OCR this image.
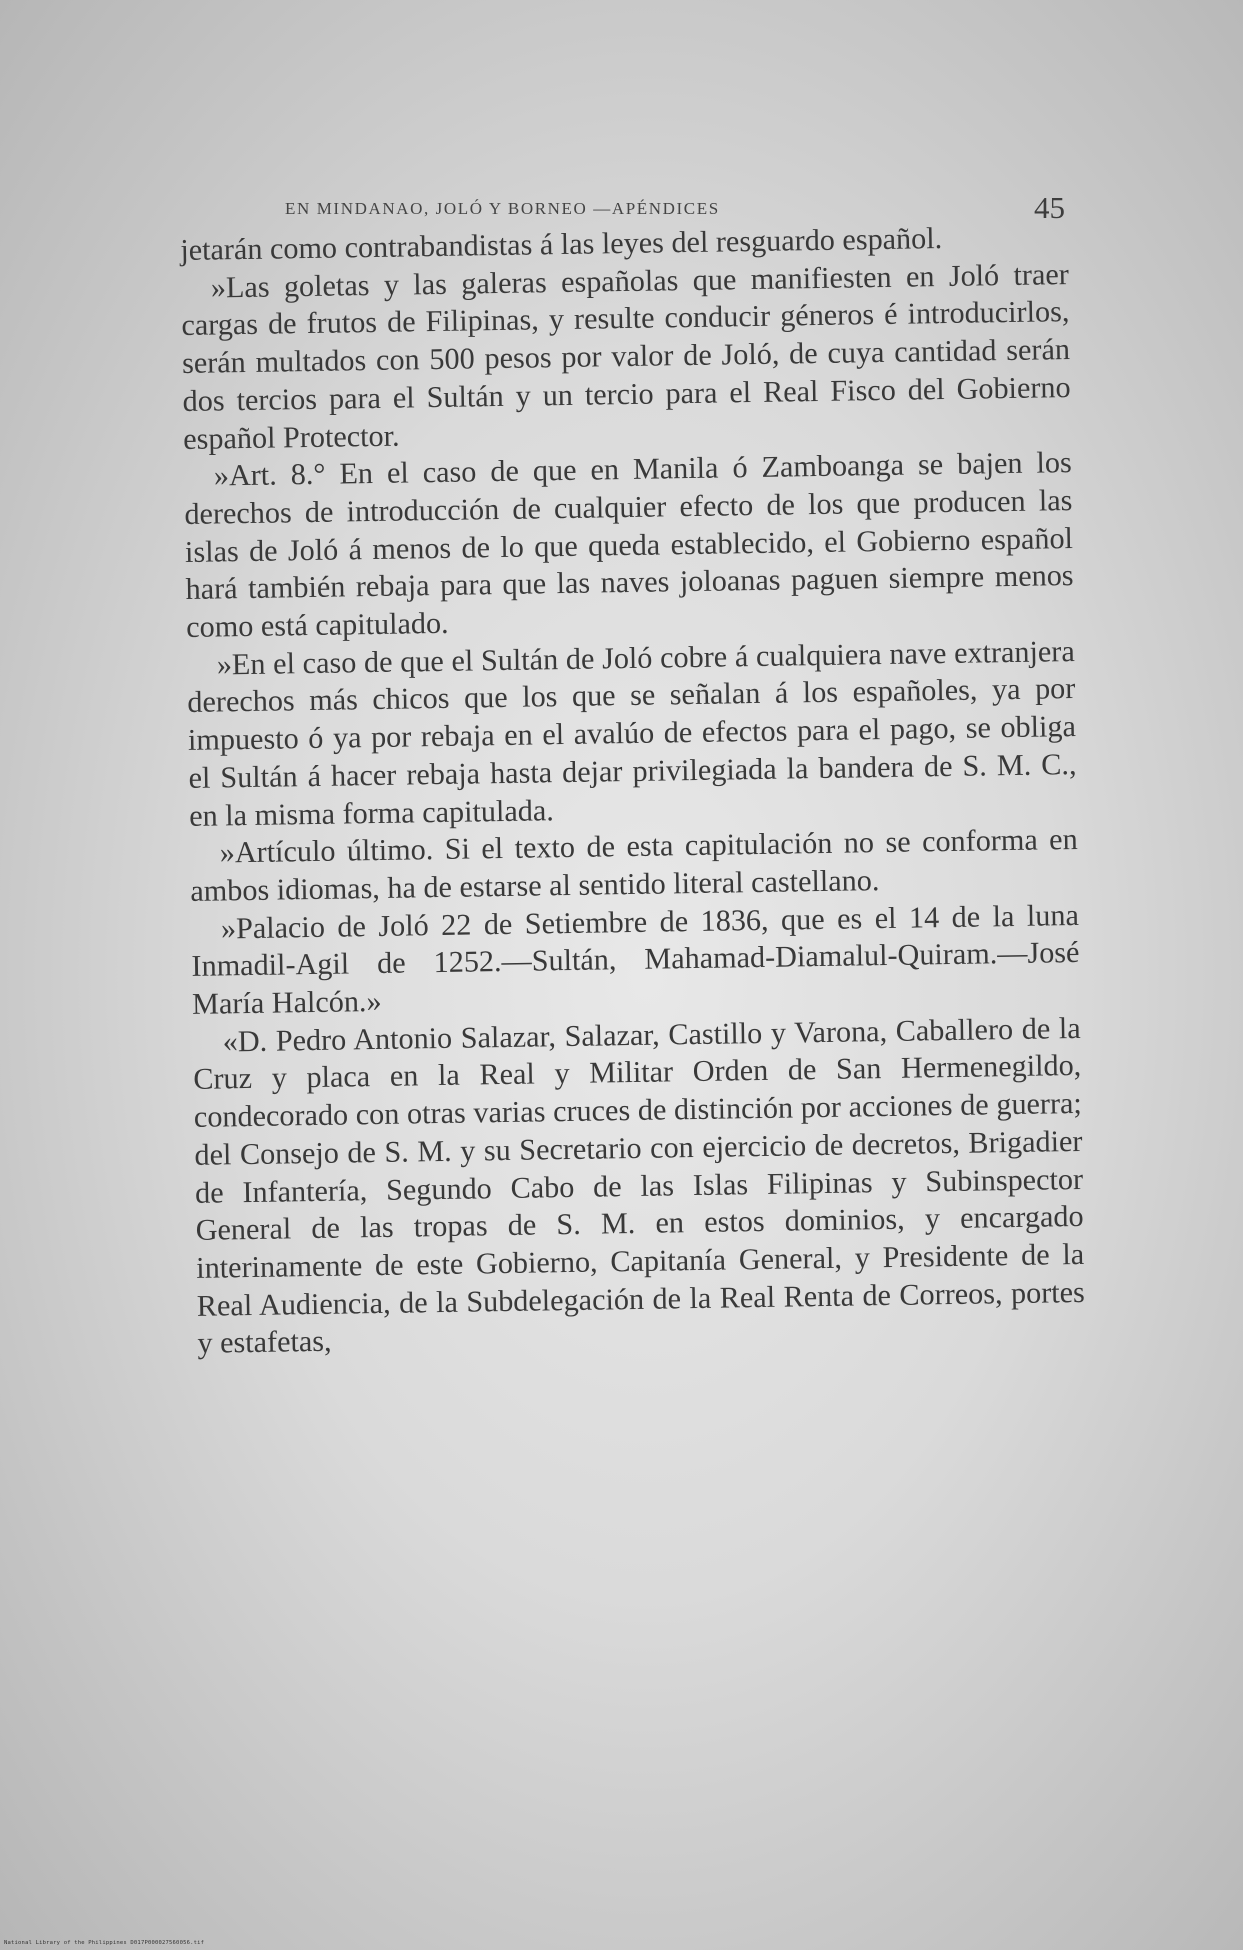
EN MINDANAO, JOLÓ Y BORNEO —APÉNDICES	45

jetarán como contrabandistas á las leyes del resguardo español.

»Las goletas y las galeras españolas que manifiesten en Joló traer cargas de frutos de Filipinas, y resulte conducir géneros é introducirlos, serán multados con 500 pesos por valor de Joló, de cuya cantidad serán dos tercios para el Sultán y un tercio para el Real Fisco del Gobierno español Protector.

»Art. 8.° En el caso de que en Manila ó Zamboanga se bajen los derechos de introducción de cualquier efecto de los que producen las islas de Joló á menos de lo que queda establecido, el Gobierno español hará también rebaja para que las naves joloanas paguen siempre menos como está capitulado.

»En el caso de que el Sultán de Joló cobre á cualquiera nave extranjera derechos más chicos que los que se señalan á los españoles, ya por impuesto ó ya por rebaja en el avalúo de efectos para el pago, se obliga el Sultán á hacer rebaja hasta dejar privilegiada la bandera de S. M. C., en la misma forma capitulada.

»Artículo último. Si el texto de esta capitulación no se conforma en ambos idiomas, ha de estarse al sentido literal castellano.

»Palacio de Joló 22 de Setiembre de 1836, que es el 14 de la luna Inmadil-Agil de 1252.—Sultán, Mahamad-Diamalul-Quiram.—José María Halcón.»

«D. Pedro Antonio Salazar, Salazar, Castillo y Varona, Caballero de la Cruz y placa en la Real y Militar Orden de San Hermenegildo, condecorado con otras varias cruces de distinción por acciones de guerra; del Consejo de S. M. y su Secretario con ejercicio de decretos, Brigadier de Infantería, Segundo Cabo de las Islas Filipinas y Subinspector General de las tropas de S. M. en estos dominios, y encargado interinamente de este Gobierno, Capitanía General, y Presidente de la Real Audiencia, de la Subdelegación de la Real Renta de Correos, portes y estafetas,

National Library of the Philippines D017P000027560056.tif
